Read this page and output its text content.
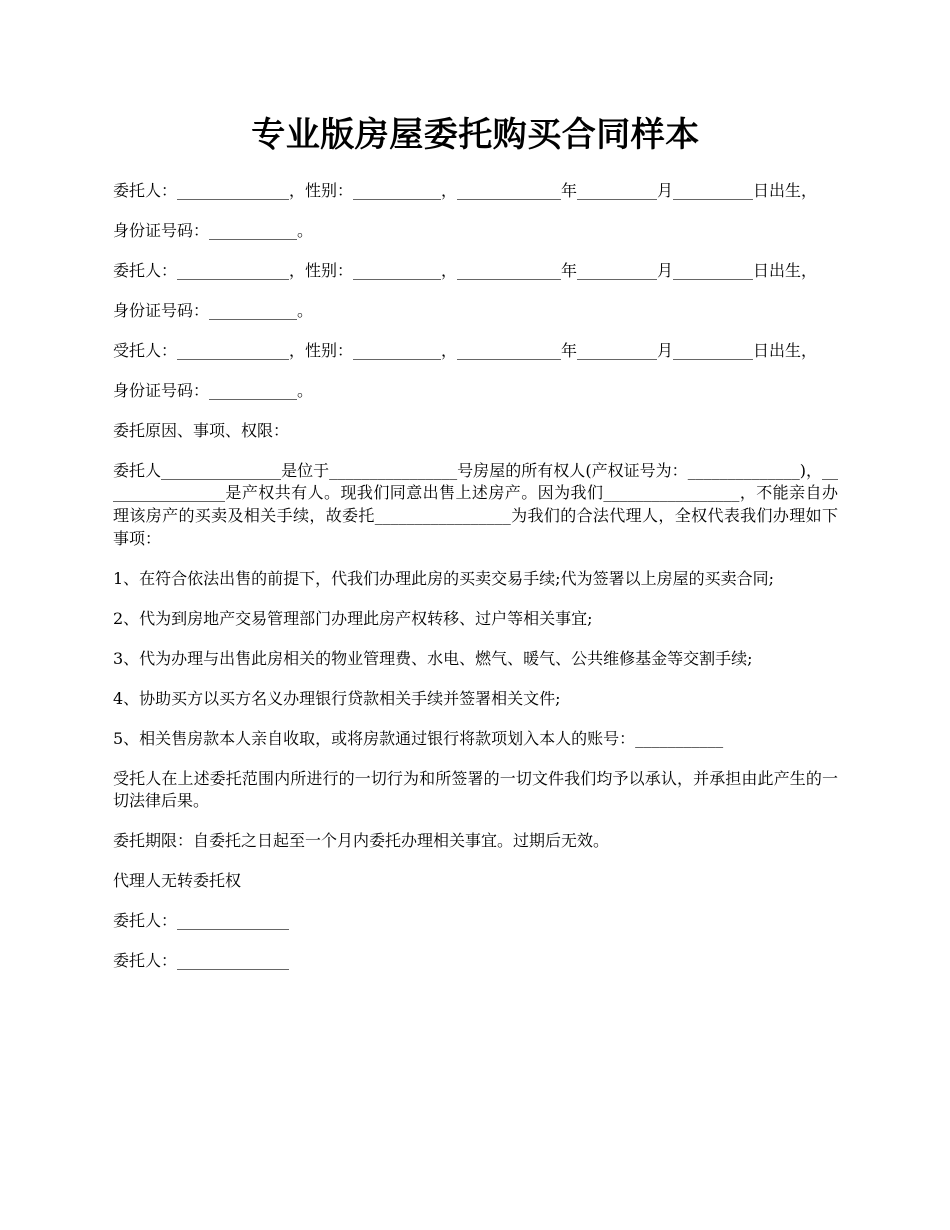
专业版房屋委托购买合同样本

委托人：______________，性别：___________，_____________年__________月__________日出生，

身份证号码：___________。

委托人：______________，性别：___________，_____________年__________月__________日出生，

身份证号码：___________。

受托人：______________，性别：___________，_____________年__________月__________日出生，

身份证号码：___________。

委托原因、事项、权限：

委托人_______________是位于________________号房屋的所有权人(产权证号为：______________)，________________是产权共有人。现我们同意出售上述房产。因为我们_________________，不能亲自办理该房产的买卖及相关手续，故委托_________________为我们的合法代理人，全权代表我们办理如下事项：

1、在符合依法出售的前提下，代我们办理此房的买卖交易手续;代为签署以上房屋的买卖合同;

2、代为到房地产交易管理部门办理此房产权转移、过户等相关事宜;

3、代为办理与出售此房相关的物业管理费、水电、燃气、暖气、公共维修基金等交割手续;

4、协助买方以买方名义办理银行贷款相关手续并签署相关文件;

5、相关售房款本人亲自收取，或将房款通过银行将款项划入本人的账号：___________

受托人在上述委托范围内所进行的一切行为和所签署的一切文件我们均予以承认，并承担由此产生的一切法律后果。

委托期限：自委托之日起至一个月内委托办理相关事宜。过期后无效。

代理人无转委托权

委托人：______________

委托人：______________
